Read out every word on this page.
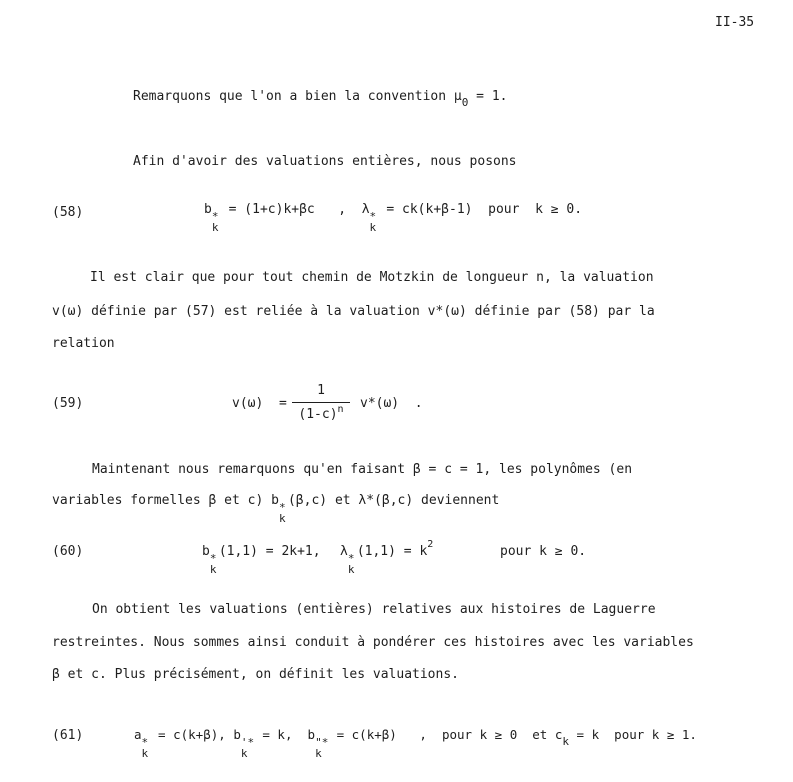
II-35
Remarquons que l'on a bien la convention $\mu_0 = 1$.
Afin d'avoir des valuations entières, nous posons
(58)	b *
k
= (1+c)k+βc   ,  λ *
k
= ck(k+β-1)  pour  k ≥ 0.
Il est clair que pour tout chemin de Motzkin de longueur n, la valuation
v(ω) définie par (57) est reliée à la valuation v*(ω) définie par (58) par la
relation
(59)	v(ω)  =
1
$(1-c)^n$	v*(ω)  .
Maintenant nous remarquons qu'en faisant β = c = 1, les polynômes (en
variables formelles β et c) b *
k
(β,c) et λ*(β,c) deviennent
(60)	b *
k
(1,1) = 2k+1, λ *
k
$(1,1) = k^2$	pour k ≥ 0.
On obtient les valuations (entières) relatives aux histoires de Laguerre
restreintes. Nous sommes ainsi conduit à pondérer ces histoires avec les variables
β et c. Plus précisément, on définit les valuations.
(61)	a
*
k
= c(k+β), b
'*
k
= k,  b
"*
k
= c(k+β)   ,  pour k ≥ 0  et ck = k  pour k ≥ 1.
